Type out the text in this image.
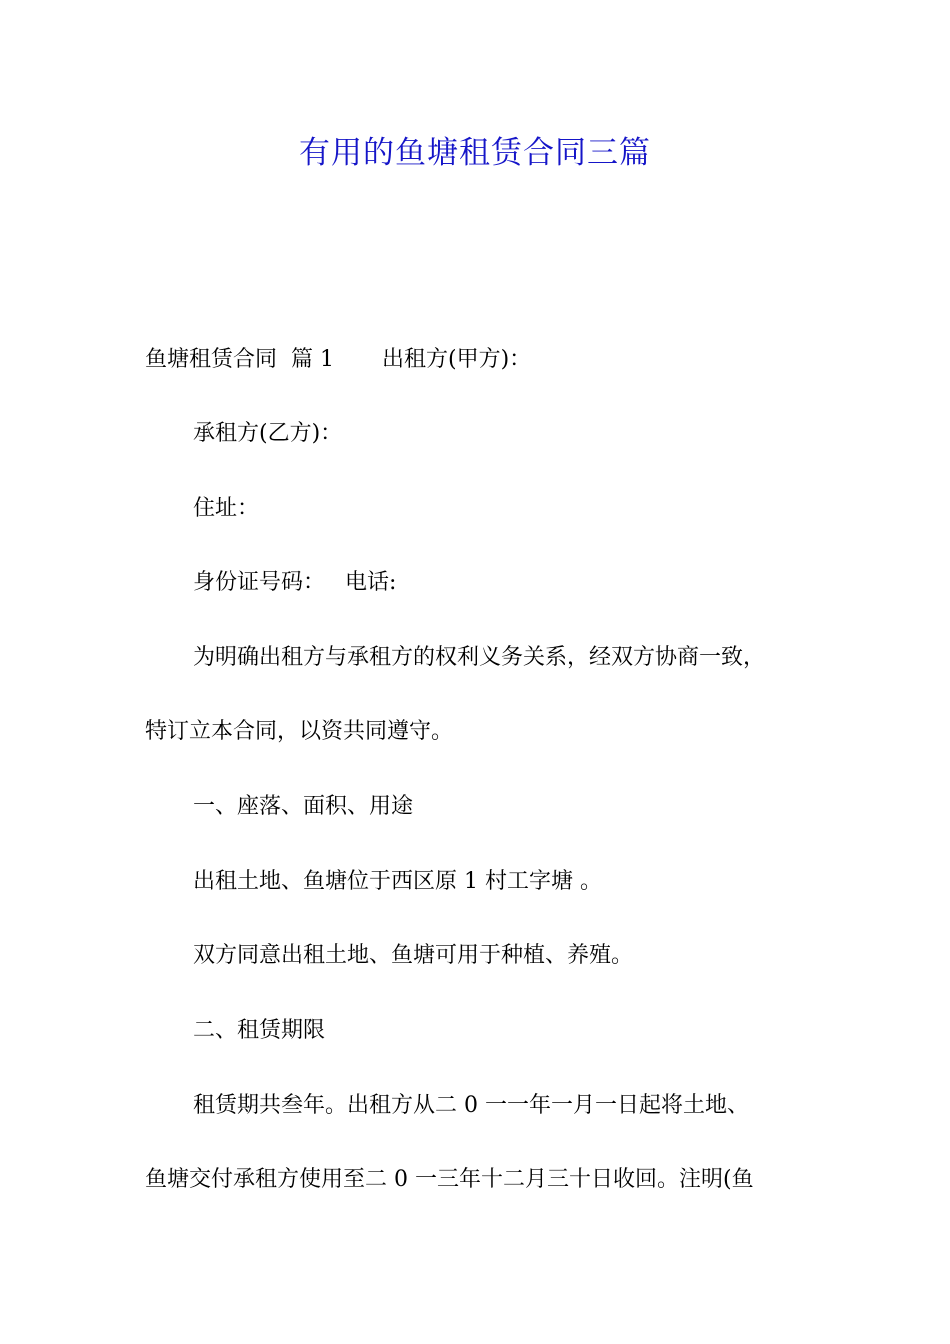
有用的鱼塘租赁合同三篇

鱼塘租赁合同 篇 1 出租方(甲方)：

承租方(乙方)：

住址：

身份证号码： 电话:

为明确出租方与承租方的权利义务关系，经双方协商一致，

特订立本合同，以资共同遵守。

一、座落、面积、用途

出租土地、鱼塘位于西区原 1 村工字塘 。

双方同意出租土地、鱼塘可用于种植、养殖。

二、租赁期限

租赁期共叁年。出租方从二 0 一一年一月一日起将土地、

鱼塘交付承租方使用至二 0 一三年十二月三十日收回。注明(鱼
